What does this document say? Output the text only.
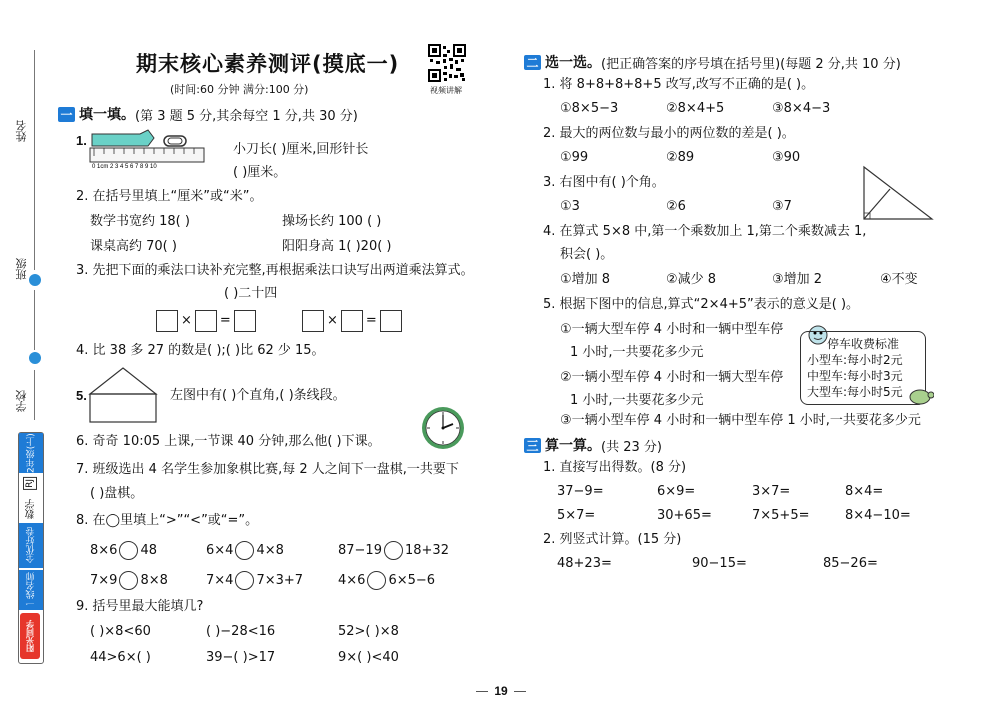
姓名
班级
学校
2年级(上)
RJ
数学
全优好卷
一线名师
阳光同学
期末核心素养测评(摸底一)
(时间:60 分钟 满分:100 分)	视频讲解
一 填一填。 (第 3 题 5 分,其余每空 1 分,共 30 分)
1.
0 1cm 2 3 4 5 6 7 8 9 10
小刀长( )厘米,回形针长
( )厘米。
2. 在括号里填上“厘米”或“米”。
数学书宽约 18( )	操场长约 100 ( )
课桌高约 70( )	阳阳身高 1( )20( )
3. 先把下面的乘法口诀补充完整,再根据乘法口诀写出两道乘法算式。
( )二十四
× =	× =
4. 比 38 多 27 的数是( );( )比 62 少 15。
5.	左图中有( )个直角,( )条线段。
6. 奇奇 10:05 上课,一节课 40 分钟,那么他( )下课。
7. 班级选出 4 名学生参加象棋比赛,每 2 人之间下一盘棋,一共要下
( )盘棋。
8. 在◯里填上“>”“<”或“=”。
8×6 48	6×4 4×8	87−19 18+32
7×9 8×8	7×4 7×3+7	4×6 6×5−6
9. 括号里最大能填几?
( )×8<60	( )−28<16	52>( )×8
44>6×( )	39−( )>17	9×( )<40
二 选一选。 (把正确答案的序号填在括号里)(每题 2 分,共 10 分)
1. 将 8+8+8+8+5 改写,改写不正确的是( )。
①8×5−3	②8×4+5	③8×4−3
2. 最大的两位数与最小的两位数的差是( )。
①99	②89	③90
3. 右图中有( )个角。
①3	②6	③7
4. 在算式 5×8 中,第一个乘数加上 1,第二个乘数减去 1,
积会( )。
①增加 8	②减少 8	③增加 2	④不变
5. 根据下图中的信息,算式“2×4+5”表示的意义是( )。
①一辆大型车停 4 小时和一辆中型车停
1 小时,一共要花多少元
②一辆小型车停 4 小时和一辆大型车停
1 小时,一共要花多少元
③一辆小型车停 4 小时和一辆中型车停 1 小时,一共要花多少元
停车收费标准
小型车:每小时2元
中型车:每小时3元
大型车:每小时5元
三 算一算。 (共 23 分)
1. 直接写出得数。(8 分)
37−9=	6×9=	3×7=	8×4=
5×7=	30+65=	7×5+5=	8×4−10=
2. 列竖式计算。(15 分)
48+23=	90−15=	85−26=
19
